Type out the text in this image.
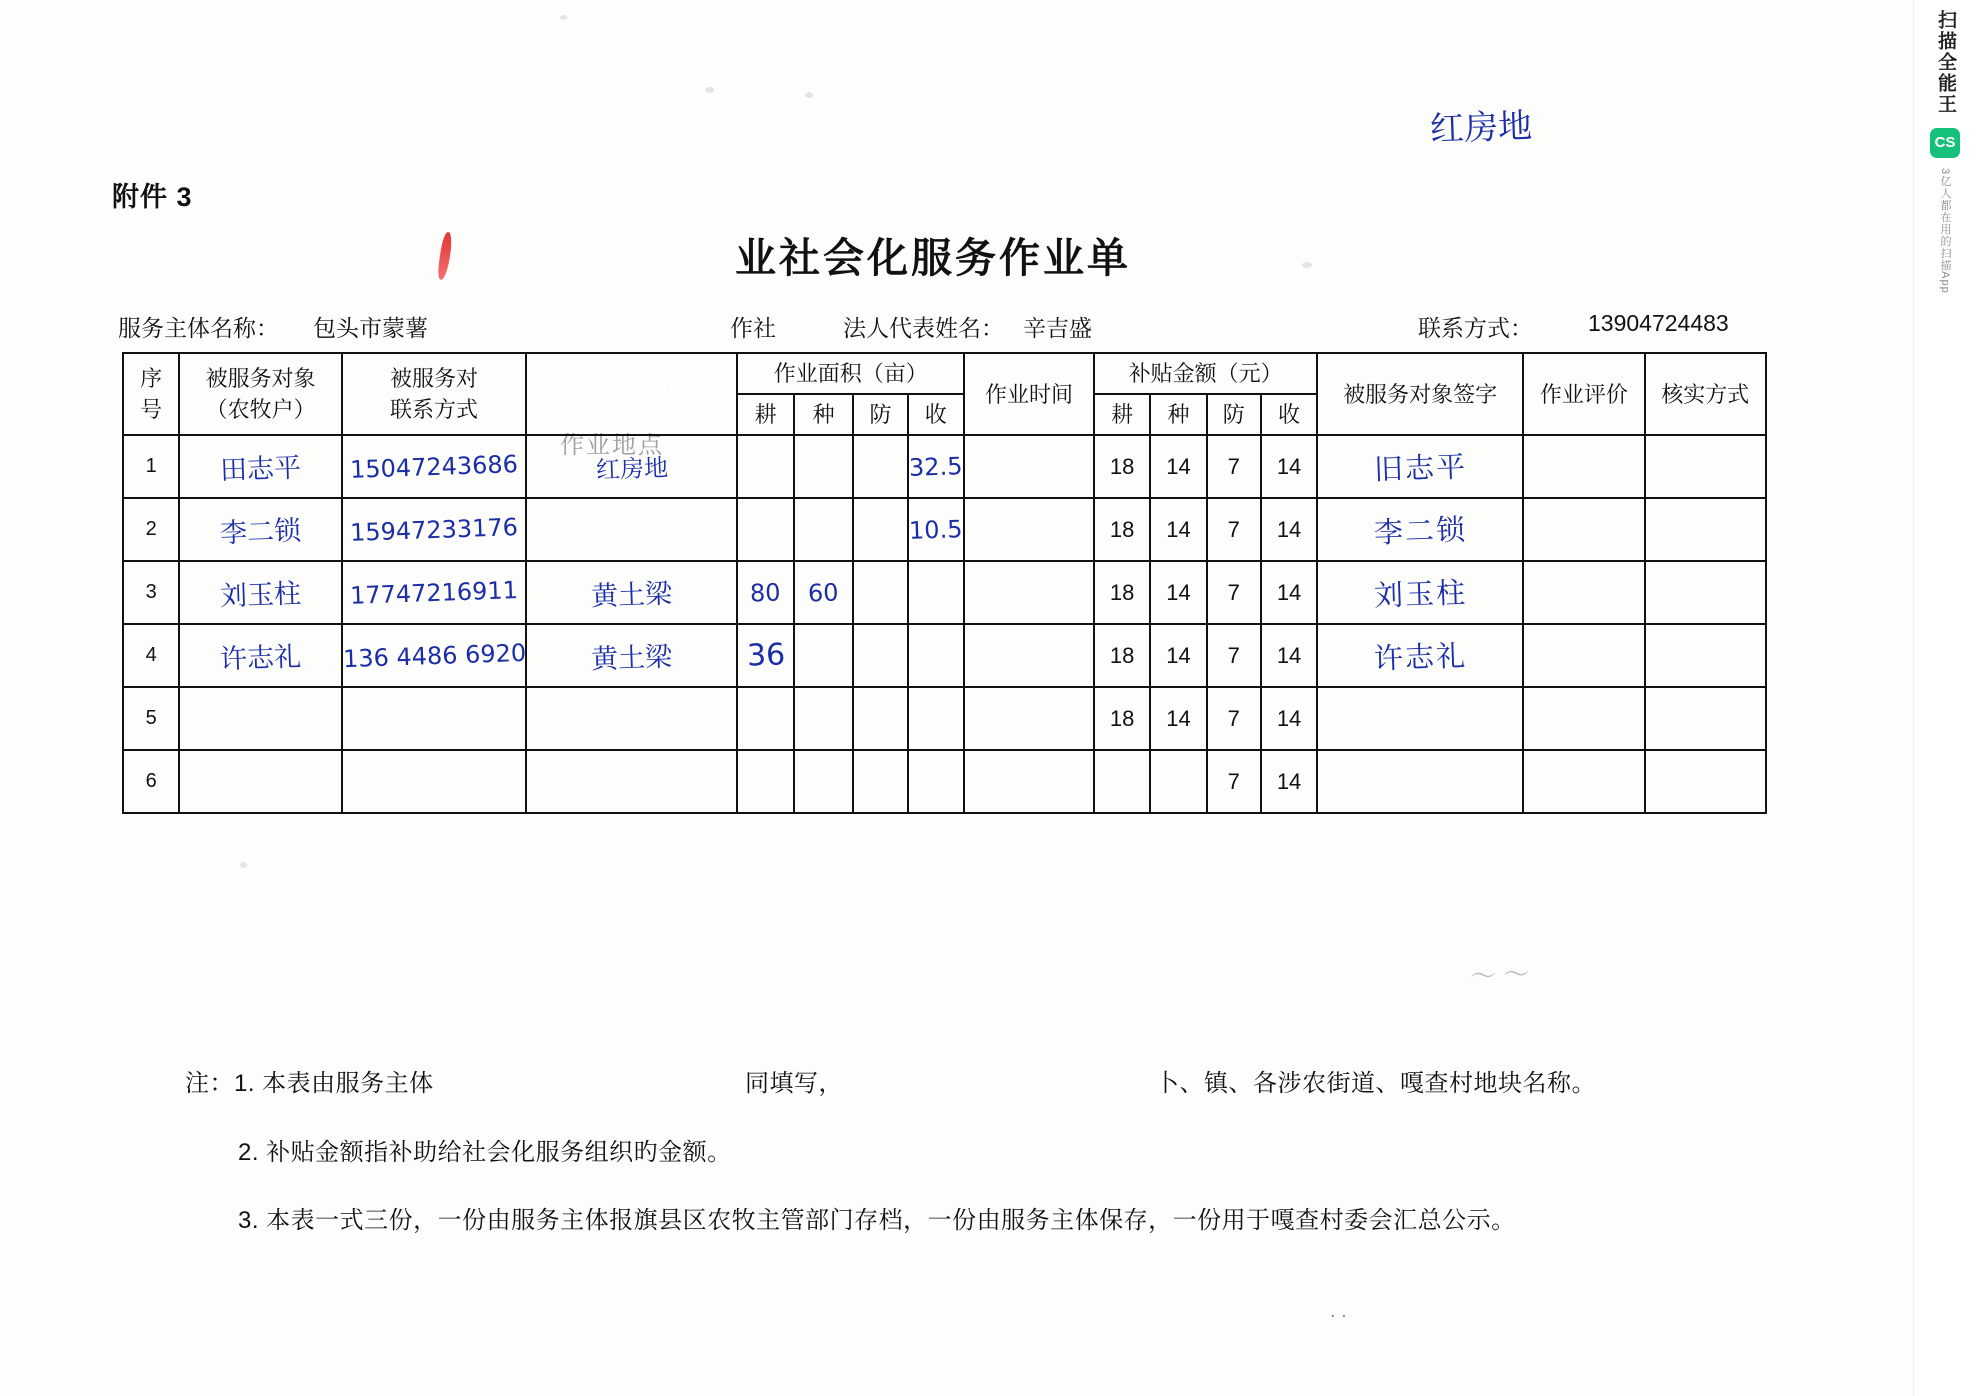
. .
附件 3
业社会化服务作业单
红房地
服务主体名称： 包头市蒙薯	作社	法人代表姓名： 辛吉盛	联系方式： 13904724483
作业地点
序
号	被服务对象
（农牧户）	被服务对
联系方式	作业地点	作业面积（亩）				作业时间	补贴金额（元）				被服务对象签字	作业评价	核实方式
				耕	种	防	收		耕	种	防	收			
1	田志平	15047243686	红房地				32.5		18	14	7	14	旧志平		
2	李二锁	15947233176					10.5		18	14	7	14	李二锁		
3	刘玉柱	17747216911	黄土梁	80	60				18	14	7	14	刘玉柱		
4	许志礼	136 4486 6920	黄土梁	36					18	14	7	14	许志礼		
5									18	14	7	14			
6											7	14			
～ ～
注：1. 本表由服务主体	同填写，	卜、镇、各涉农街道、嘎查村地块名称。
2. 补贴金额指补助给社会化服务组织旳金额。
3. 本表一式三份，一份由服务主体报旗县区农牧主管部门存档，一份由服务主体保存，一份用于嘎查村委会汇总公示。
扫描全能王 CS 3亿人都在用的扫描App
